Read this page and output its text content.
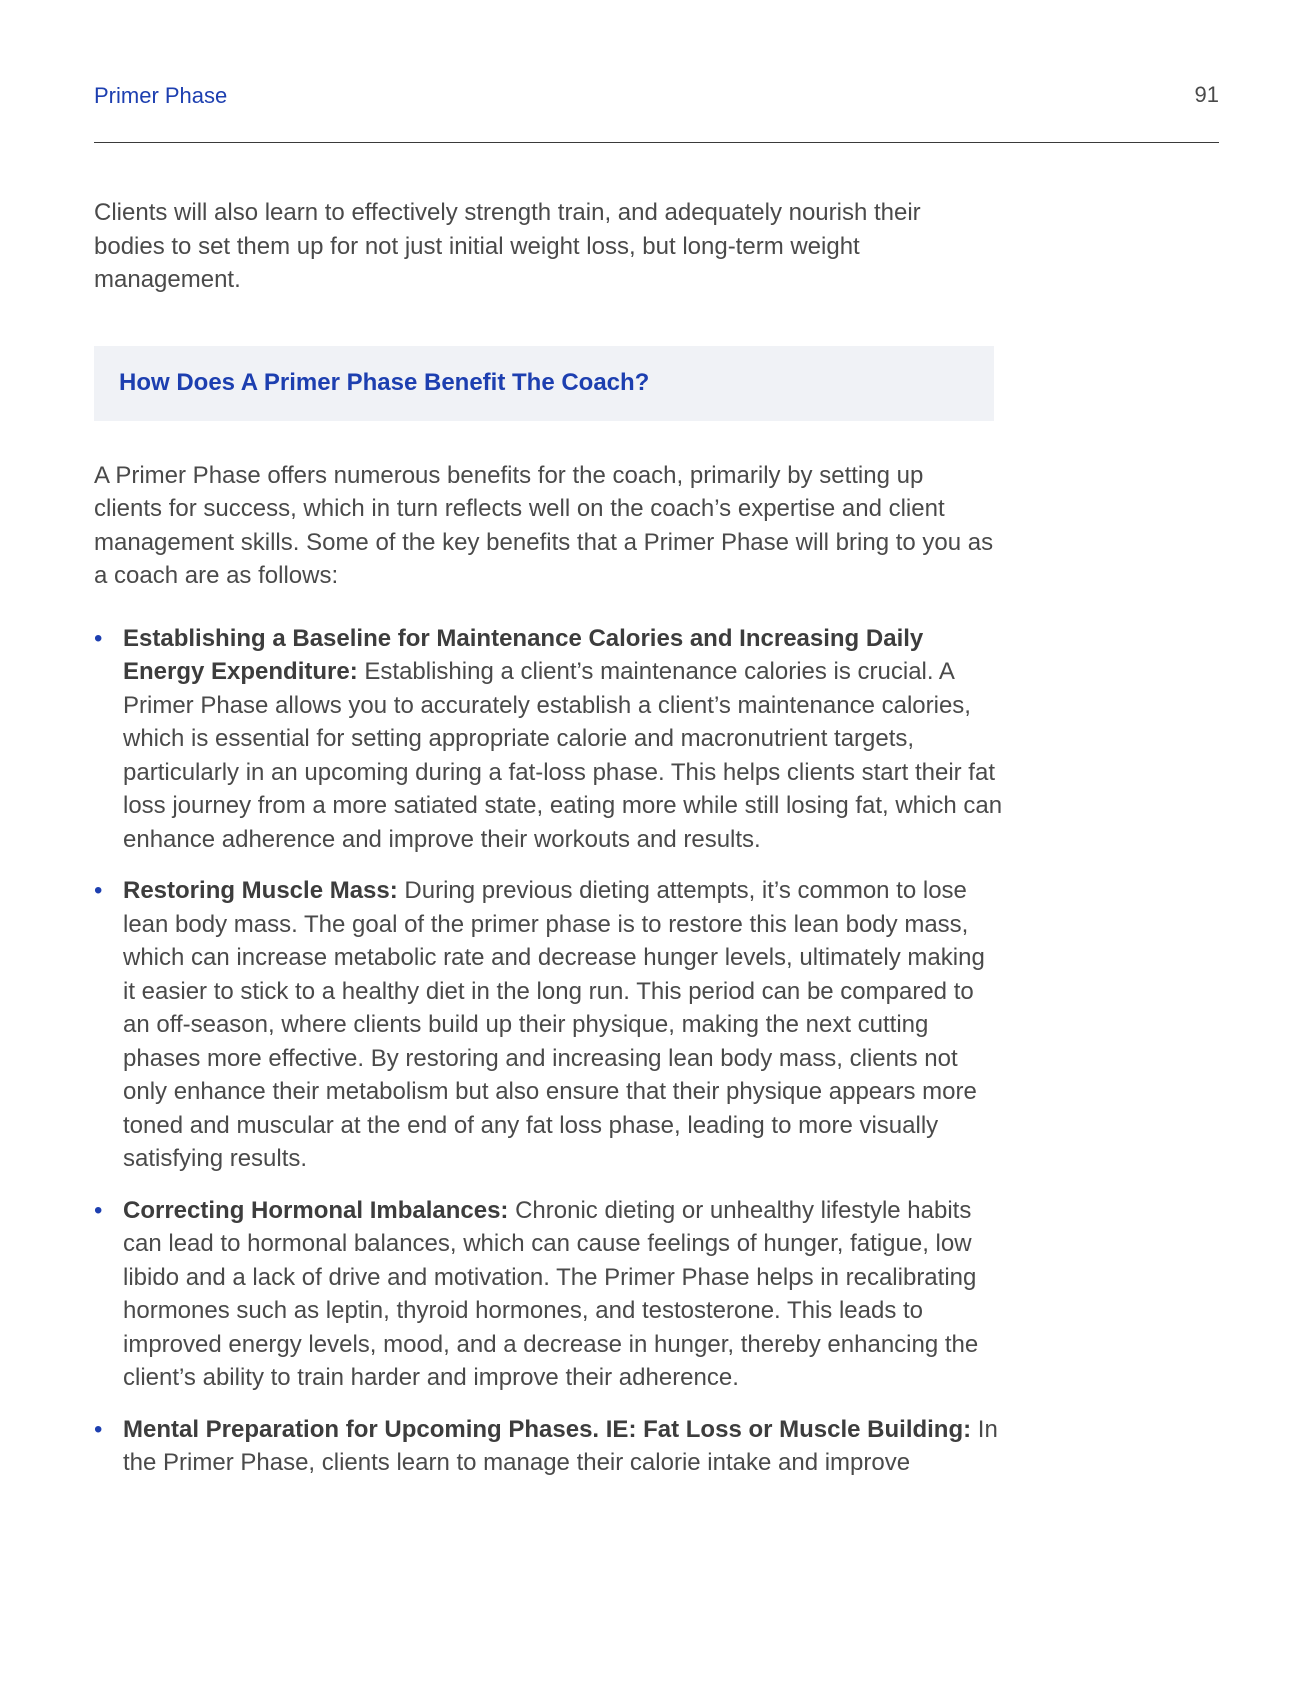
Primer Phase	91

Clients will also learn to effectively strength train, and adequately nourish their bodies to set them up for not just initial weight loss, but long-term weight management.

How Does A Primer Phase Benefit The Coach?

A Primer Phase offers numerous benefits for the coach, primarily by setting up clients for success, which in turn reflects well on the coach’s expertise and client management skills. Some of the key benefits that a Primer Phase will bring to you as a coach are as follows:

• Establishing a Baseline for Maintenance Calories and Increasing Daily Energy Expenditure: Establishing a client’s maintenance calories is crucial. A Primer Phase allows you to accurately establish a client’s maintenance calories, which is essential for setting appropriate calorie and macronutrient targets, particularly in an upcoming during a fat-loss phase. This helps clients start their fat loss journey from a more satiated state, eating more while still losing fat, which can enhance adherence and improve their workouts and results.
• Restoring Muscle Mass: During previous dieting attempts, it’s common to lose lean body mass. The goal of the primer phase is to restore this lean body mass, which can increase metabolic rate and decrease hunger levels, ultimately making it easier to stick to a healthy diet in the long run. This period can be compared to an off-season, where clients build up their physique, making the next cutting phases more effective. By restoring and increasing lean body mass, clients not only enhance their metabolism but also ensure that their physique appears more toned and muscular at the end of any fat loss phase, leading to more visually satisfying results.
• Correcting Hormonal Imbalances: Chronic dieting or unhealthy lifestyle habits can lead to hormonal balances, which can cause feelings of hunger, fatigue, low libido and a lack of drive and motivation. The Primer Phase helps in recalibrating hormones such as leptin, thyroid hormones, and testosterone. This leads to improved energy levels, mood, and a decrease in hunger, thereby enhancing the client’s ability to train harder and improve their adherence.
• Mental Preparation for Upcoming Phases. IE: Fat Loss or Muscle Building: In the Primer Phase, clients learn to manage their calorie intake and improve
